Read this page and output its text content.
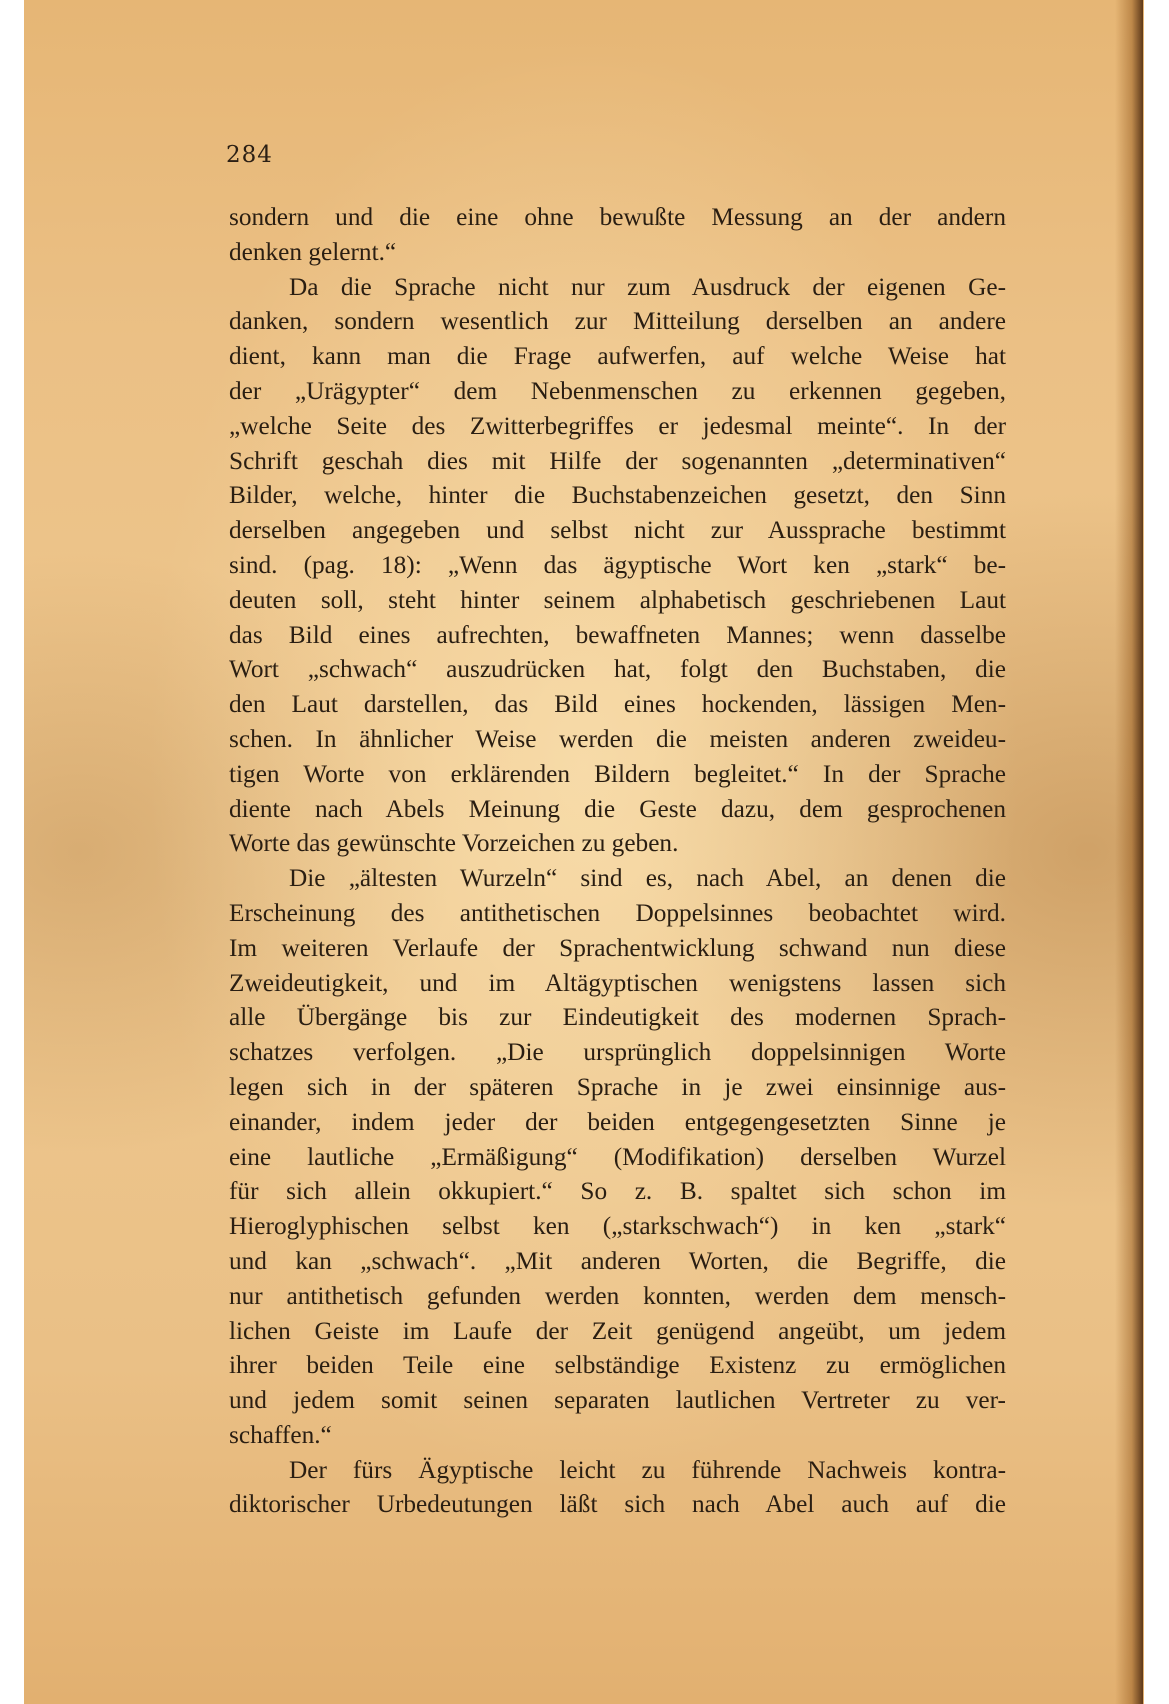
284
sondern und die eine ohne bewußte Messung an der andern
denken gelernt.“
Da die Sprache nicht nur zum Ausdruck der eigenen Ge-
danken, sondern wesentlich zur Mitteilung derselben an andere
dient, kann man die Frage aufwerfen, auf welche Weise hat
der „Urägypter“ dem Nebenmenschen zu erkennen gegeben,
„welche Seite des Zwitterbegriffes er jedesmal meinte“. In der
Schrift geschah dies mit Hilfe der sogenannten „determinativen“
Bilder, welche, hinter die Buchstabenzeichen gesetzt, den Sinn
derselben angegeben und selbst nicht zur Aussprache bestimmt
sind. (pag. 18): „Wenn das ägyptische Wort ken „stark“ be-
deuten soll, steht hinter seinem alphabetisch geschriebenen Laut
das Bild eines aufrechten, bewaffneten Mannes; wenn dasselbe
Wort „schwach“ auszudrücken hat, folgt den Buchstaben, die
den Laut darstellen, das Bild eines hockenden, lässigen Men-
schen. In ähnlicher Weise werden die meisten anderen zweideu-
tigen Worte von erklärenden Bildern begleitet.“ In der Sprache
diente nach Abels Meinung die Geste dazu, dem gesprochenen
Worte das gewünschte Vorzeichen zu geben.
Die „ältesten Wurzeln“ sind es, nach Abel, an denen die
Erscheinung des antithetischen Doppelsinnes beobachtet wird.
Im weiteren Verlaufe der Sprachentwicklung schwand nun diese
Zweideutigkeit, und im Altägyptischen wenigstens lassen sich
alle Übergänge bis zur Eindeutigkeit des modernen Sprach-
schatzes verfolgen. „Die ursprünglich doppelsinnigen Worte
legen sich in der späteren Sprache in je zwei einsinnige aus-
einander, indem jeder der beiden entgegengesetzten Sinne je
eine lautliche „Ermäßigung“ (Modifikation) derselben Wurzel
für sich allein okkupiert.“ So z. B. spaltet sich schon im
Hieroglyphischen selbst ken („starkschwach“) in ken „stark“
und kan „schwach“. „Mit anderen Worten, die Begriffe, die
nur antithetisch gefunden werden konnten, werden dem mensch-
lichen Geiste im Laufe der Zeit genügend angeübt, um jedem
ihrer beiden Teile eine selbständige Existenz zu ermöglichen
und jedem somit seinen separaten lautlichen Vertreter zu ver-
schaffen.“
Der fürs Ägyptische leicht zu führende Nachweis kontra-
diktorischer Urbedeutungen läßt sich nach Abel auch auf die
